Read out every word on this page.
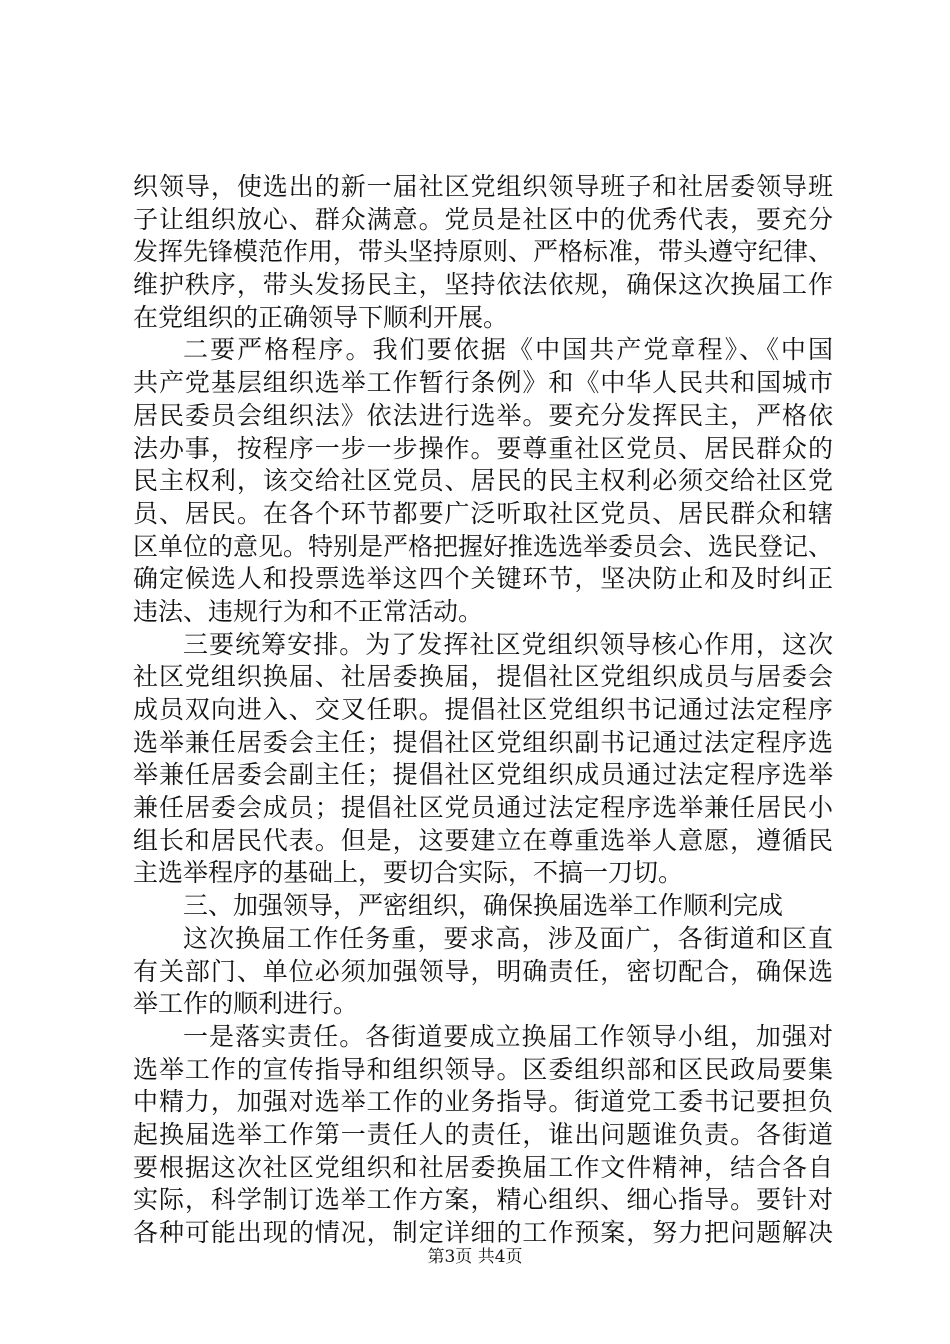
织领导，使选出的新一届社区党组织领导班子和社居委领导班
子让组织放心、群众满意。党员是社区中的优秀代表，要充分
发挥先锋模范作用，带头坚持原则、严格标准，带头遵守纪律、
维护秩序，带头发扬民主，坚持依法依规，确保这次换届工作
在党组织的正确领导下顺利开展。
二要严格程序。我们要依据《中国共产党章程》、《中国
共产党基层组织选举工作暂行条例》和《中华人民共和国城市
居民委员会组织法》依法进行选举。要充分发挥民主，严格依
法办事，按程序一步一步操作。要尊重社区党员、居民群众的
民主权利，该交给社区党员、居民的民主权利必须交给社区党
员、居民。在各个环节都要广泛听取社区党员、居民群众和辖
区单位的意见。特别是严格把握好推选选举委员会、选民登记、
确定候选人和投票选举这四个关键环节，坚决防止和及时纠正
违法、违规行为和不正常活动。
三要统筹安排。为了发挥社区党组织领导核心作用，这次
社区党组织换届、社居委换届，提倡社区党组织成员与居委会
成员双向进入、交叉任职。提倡社区党组织书记通过法定程序
选举兼任居委会主任；提倡社区党组织副书记通过法定程序选
举兼任居委会副主任；提倡社区党组织成员通过法定程序选举
兼任居委会成员；提倡社区党员通过法定程序选举兼任居民小
组长和居民代表。但是，这要建立在尊重选举人意愿，遵循民
主选举程序的基础上，要切合实际，不搞一刀切。
三、加强领导，严密组织，确保换届选举工作顺利完成
这次换届工作任务重，要求高，涉及面广，各街道和区直
有关部门、单位必须加强领导，明确责任，密切配合，确保选
举工作的顺利进行。
一是落实责任。各街道要成立换届工作领导小组，加强对
选举工作的宣传指导和组织领导。区委组织部和区民政局要集
中精力，加强对选举工作的业务指导。街道党工委书记要担负
起换届选举工作第一责任人的责任，谁出问题谁负责。各街道
要根据这次社区党组织和社居委换届工作文件精神，结合各自
实际，科学制订选举工作方案，精心组织、细心指导。要针对
各种可能出现的情况，制定详细的工作预案，努力把问题解决
第3页 共4页
